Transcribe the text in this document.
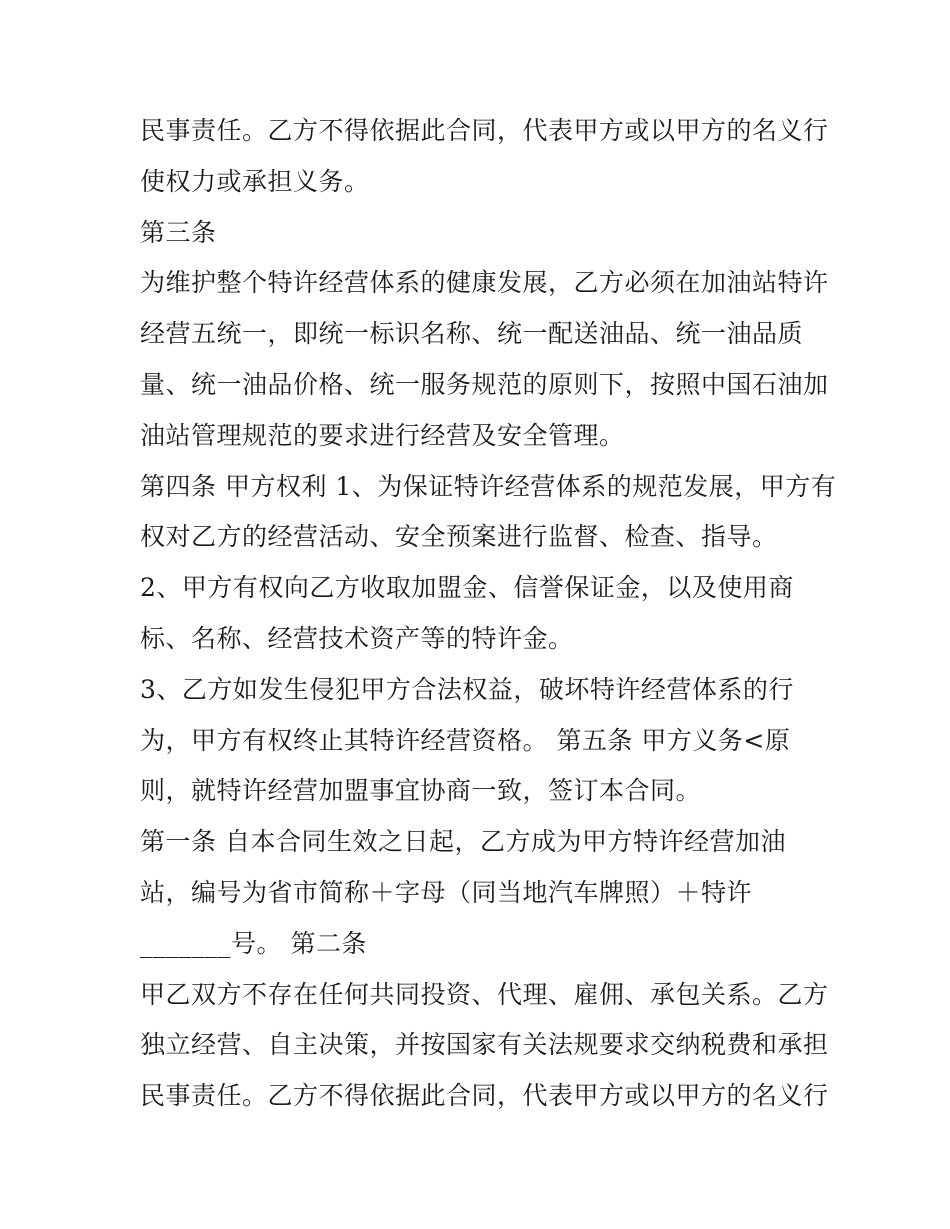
民事责任。乙方不得依据此合同，代表甲方或以甲方的名义行
使权力或承担义务。
第三条
为维护整个特许经营体系的健康发展，乙方必须在加油站特许
经营五统一，即统一标识名称、统一配送油品、统一油品质
量、统一油品价格、统一服务规范的原则下，按照中国石油加
油站管理规范的要求进行经营及安全管理。
第四条 甲方权利 1、为保证特许经营体系的规范发展，甲方有
权对乙方的经营活动、安全预案进行监督、检查、指导。
2、甲方有权向乙方收取加盟金、信誉保证金，以及使用商
标、名称、经营技术资产等的特许金。
3、乙方如发生侵犯甲方合法权益，破坏特许经营体系的行
为，甲方有权终止其特许经营资格。 第五条 甲方义务<原
则，就特许经营加盟事宜协商一致，签订本合同。
第一条 自本合同生效之日起，乙方成为甲方特许经营加油
站，编号为省市简称＋字母（同当地汽车牌照）＋特许
_______号。 第二条
甲乙双方不存在任何共同投资、代理、雇佣、承包关系。乙方
独立经营、自主决策，并按国家有关法规要求交纳税费和承担
民事责任。乙方不得依据此合同，代表甲方或以甲方的名义行
